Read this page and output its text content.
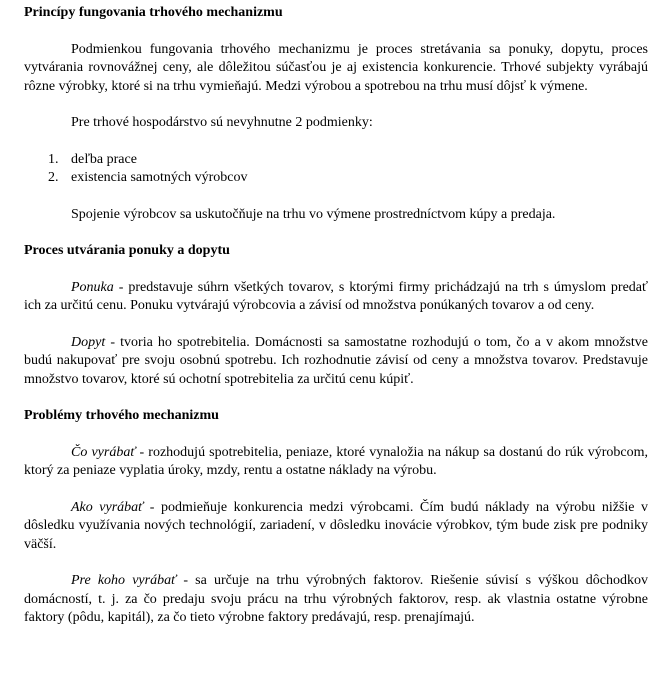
Princípy fungovania trhového mechanizmu

Podmienkou fungovania trhového mechanizmu je proces stretávania sa ponuky, dopytu, proces vytvárania rovnovážnej ceny, ale dôležitou súčasťou je aj existencia konkurencie. Trhové subjekty vyrábajú rôzne výrobky, ktoré si na trhu vymieňajú. Medzi výrobou a spotrebou na trhu musí dôjsť k výmene.

Pre trhové hospodárstvo sú nevyhnutne 2 podmienky:

1. deľba prace
2. existencia samotných výrobcov

Spojenie výrobcov sa uskutočňuje na trhu vo výmene prostredníctvom kúpy a predaja.

Proces utvárania ponuky a dopytu

Ponuka - predstavuje súhrn všetkých tovarov, s ktorými firmy prichádzajú na trh s úmyslom predať ich za určitú cenu. Ponuku vytvárajú výrobcovia a závisí od množstva ponúkaných tovarov a od ceny.

Dopyt - tvoria ho spotrebitelia. Domácnosti sa samostatne rozhodujú o tom, čo a v akom množstve budú nakupovať pre svoju osobnú spotrebu. Ich rozhodnutie závisí od ceny a množstva tovarov. Predstavuje množstvo tovarov, ktoré sú ochotní spotrebitelia za určitú cenu kúpiť.

Problémy trhového mechanizmu

Čo vyrábať - rozhodujú spotrebitelia, peniaze, ktoré vynaložia na nákup sa dostanú do rúk výrobcom, ktorý za peniaze vyplatia úroky, mzdy, rentu a ostatne náklady na výrobu.

Ako vyrábať - podmieňuje konkurencia medzi výrobcami. Čím budú náklady na výrobu nižšie v dôsledku využívania nových technológií, zariadení, v dôsledku inovácie výrobkov, tým bude zisk pre podniky väčší.

Pre koho vyrábať - sa určuje na trhu výrobných faktorov. Riešenie súvisí s výškou dôchodkov domácností, t. j. za čo predaju svoju prácu na trhu výrobných faktorov, resp. ak vlastnia ostatne výrobne faktory (pôdu, kapitál), za čo tieto výrobne faktory predávajú, resp. prenajímajú.
